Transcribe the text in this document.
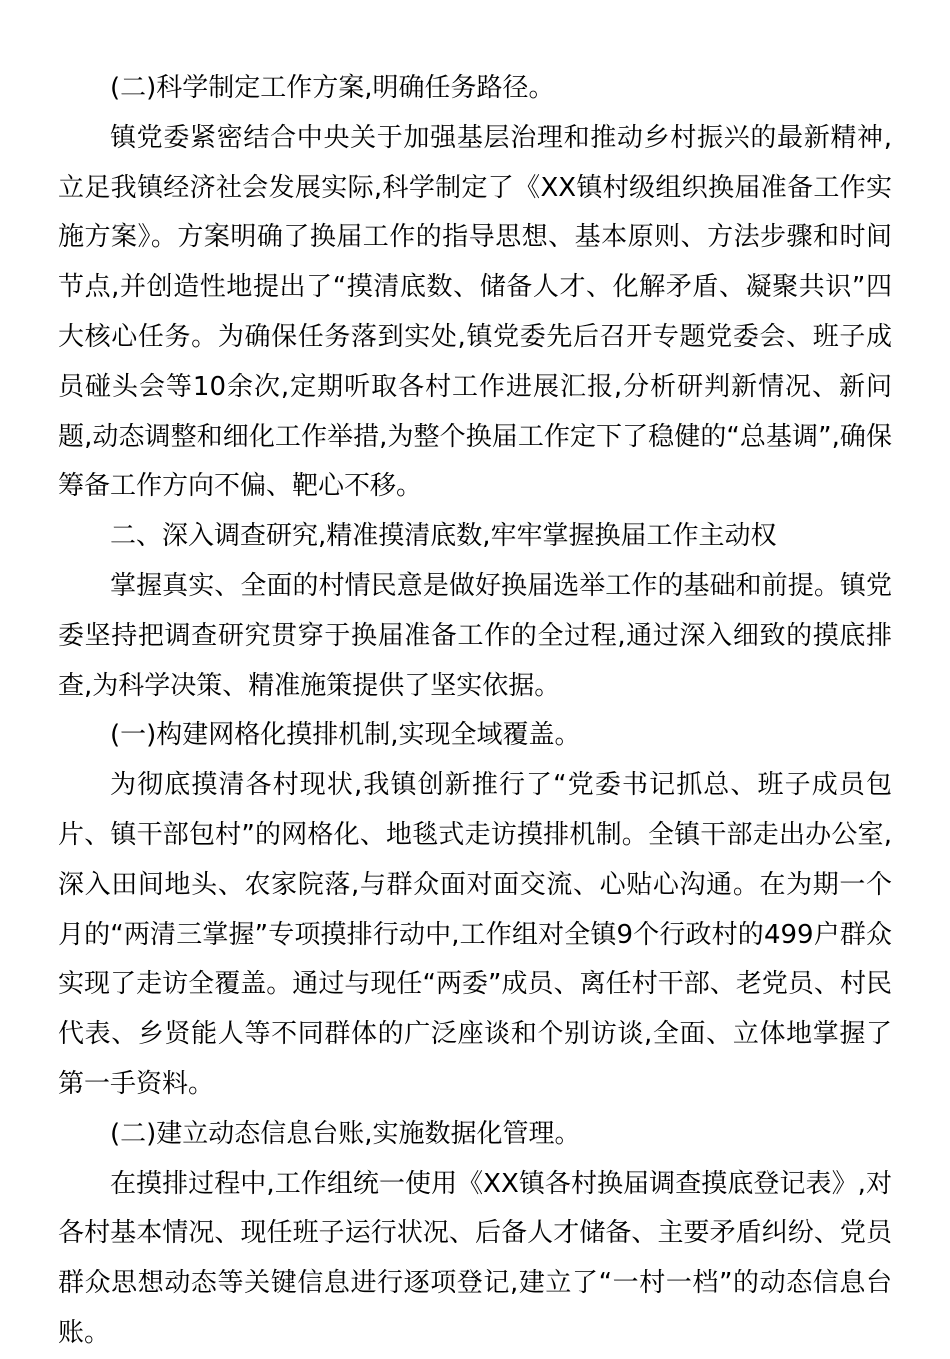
(二)科学制定工作方案,明确任务路径。

镇党委紧密结合中央关于加强基层治理和推动乡村振兴的最新精神,立足我镇经济社会发展实际,科学制定了《XX镇村级组织换届准备工作实施方案》。方案明确了换届工作的指导思想、基本原则、方法步骤和时间节点,并创造性地提出了“摸清底数、储备人才、化解矛盾、凝聚共识”四大核心任务。为确保任务落到实处,镇党委先后召开专题党委会、班子成员碰头会等10余次,定期听取各村工作进展汇报,分析研判新情况、新问题,动态调整和细化工作举措,为整个换届工作定下了稳健的“总基调”,确保筹备工作方向不偏、靶心不移。

二、深入调查研究,精准摸清底数,牢牢掌握换届工作主动权

掌握真实、全面的村情民意是做好换届选举工作的基础和前提。镇党委坚持把调查研究贯穿于换届准备工作的全过程,通过深入细致的摸底排查,为科学决策、精准施策提供了坚实依据。

(一)构建网格化摸排机制,实现全域覆盖。

为彻底摸清各村现状,我镇创新推行了“党委书记抓总、班子成员包片、镇干部包村”的网格化、地毯式走访摸排机制。全镇干部走出办公室,深入田间地头、农家院落,与群众面对面交流、心贴心沟通。在为期一个月的“两清三掌握”专项摸排行动中,工作组对全镇9个行政村的499户群众实现了走访全覆盖。通过与现任“两委”成员、离任村干部、老党员、村民代表、乡贤能人等不同群体的广泛座谈和个别访谈,全面、立体地掌握了第一手资料。

(二)建立动态信息台账,实施数据化管理。

在摸排过程中,工作组统一使用《XX镇各村换届调查摸底登记表》,对各村基本情况、现任班子运行状况、后备人才储备、主要矛盾纠纷、党员群众思想动态等关键信息进行逐项登记,建立了“一村一档”的动态信息台账。
